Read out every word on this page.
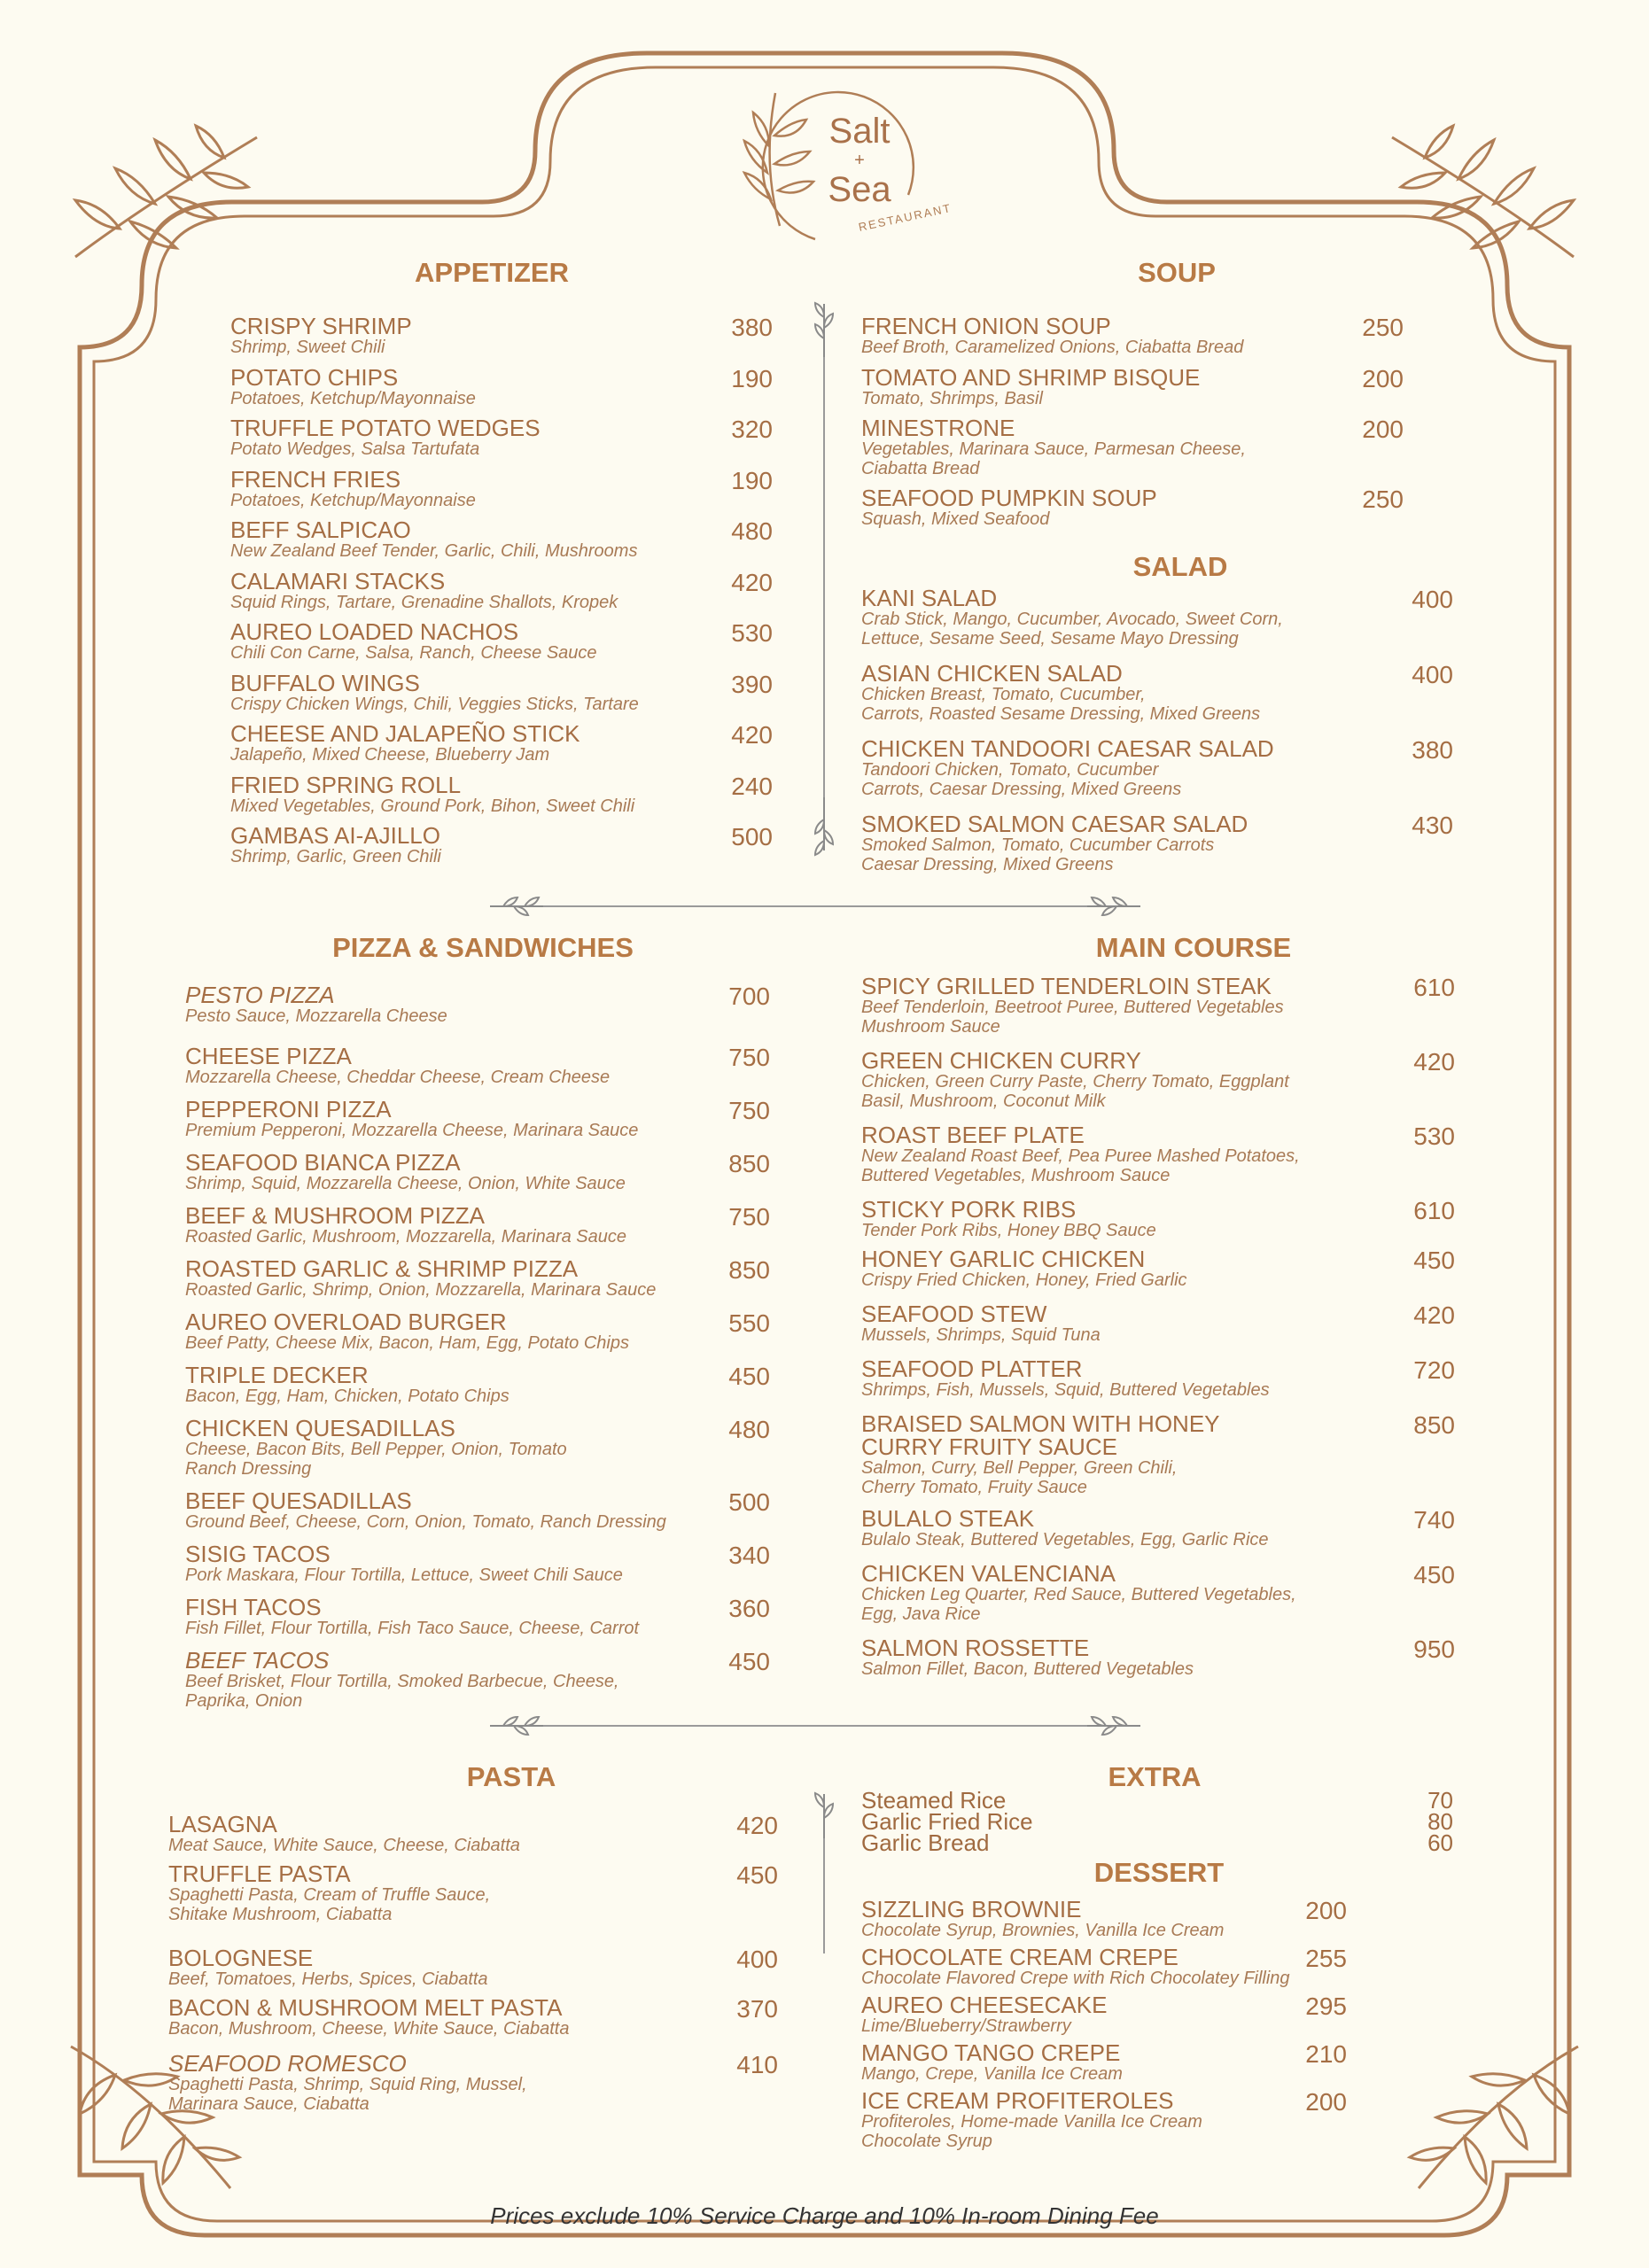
RESTAURANT
Salt
+
Sea
APPETIZER	SOUP
SALAD
PIZZA & SANDWICHES	MAIN COURSE
PASTA	EXTRA
DESSERT
CRISPY SHRIMP
Shrimp, Sweet Chili
380
POTATO CHIPS
Potatoes, Ketchup/Mayonnaise
190
TRUFFLE POTATO WEDGES
Potato Wedges, Salsa Tartufata
320
FRENCH FRIES
Potatoes, Ketchup/Mayonnaise
190
BEFF SALPICAO
New Zealand Beef Tender, Garlic, Chili, Mushrooms
480
CALAMARI STACKS
Squid Rings, Tartare, Grenadine Shallots, Kropek
420
AUREO LOADED NACHOS
Chili Con Carne, Salsa, Ranch, Cheese Sauce
530
BUFFALO WINGS
Crispy Chicken Wings, Chili, Veggies Sticks, Tartare
390
CHEESE AND JALAPEÑO STICK
Jalapeño, Mixed Cheese, Blueberry Jam
420
FRIED SPRING ROLL
Mixed Vegetables, Ground Pork, Bihon, Sweet Chili
240
GAMBAS AI-AJILLO
Shrimp, Garlic, Green Chili
500
FRENCH ONION SOUP
Beef Broth, Caramelized Onions, Ciabatta Bread
250
TOMATO AND SHRIMP BISQUE
Tomato, Shrimps, Basil
200
MINESTRONE
Vegetables, Marinara Sauce, Parmesan Cheese,
Ciabatta Bread
200
SEAFOOD PUMPKIN SOUP
Squash, Mixed Seafood
250
KANI SALAD
Crab Stick, Mango, Cucumber, Avocado, Sweet Corn,
Lettuce, Sesame Seed, Sesame Mayo Dressing
400
ASIAN CHICKEN SALAD
Chicken Breast, Tomato, Cucumber,
Carrots, Roasted Sesame Dressing, Mixed Greens
400
CHICKEN TANDOORI CAESAR SALAD
Tandoori Chicken, Tomato, Cucumber
Carrots, Caesar Dressing, Mixed Greens
380
SMOKED SALMON CAESAR SALAD
Smoked Salmon, Tomato, Cucumber Carrots
Caesar Dressing, Mixed Greens
430
PESTO PIZZA
Pesto Sauce, Mozzarella Cheese
700
CHEESE PIZZA
Mozzarella Cheese, Cheddar Cheese, Cream Cheese
750
PEPPERONI PIZZA
Premium Pepperoni, Mozzarella Cheese, Marinara Sauce
750
SEAFOOD BIANCA PIZZA
Shrimp, Squid, Mozzarella Cheese, Onion, White Sauce
850
BEEF & MUSHROOM PIZZA
Roasted Garlic, Mushroom, Mozzarella, Marinara Sauce
750
ROASTED GARLIC & SHRIMP PIZZA
Roasted Garlic, Shrimp, Onion, Mozzarella, Marinara Sauce
850
AUREO OVERLOAD BURGER
Beef Patty, Cheese Mix, Bacon, Ham, Egg, Potato Chips
550
TRIPLE DECKER
Bacon, Egg, Ham, Chicken, Potato Chips
450
CHICKEN QUESADILLAS
Cheese, Bacon Bits, Bell Pepper, Onion, Tomato
Ranch Dressing
480
BEEF QUESADILLAS
Ground Beef, Cheese, Corn, Onion, Tomato, Ranch Dressing
500
SISIG TACOS
Pork Maskara, Flour Tortilla, Lettuce, Sweet Chili Sauce
340
FISH TACOS
Fish Fillet, Flour Tortilla, Fish Taco Sauce, Cheese, Carrot
360
BEEF TACOS
Beef Brisket, Flour Tortilla, Smoked Barbecue, Cheese,
Paprika, Onion
450
SPICY GRILLED TENDERLOIN STEAK
Beef Tenderloin, Beetroot Puree, Buttered Vegetables
Mushroom Sauce
610
GREEN CHICKEN CURRY
Chicken, Green Curry Paste, Cherry Tomato, Eggplant
Basil, Mushroom, Coconut Milk
420
ROAST BEEF PLATE
New Zealand Roast Beef, Pea Puree Mashed Potatoes,
Buttered Vegetables, Mushroom Sauce
530
STICKY PORK RIBS
Tender Pork Ribs, Honey BBQ Sauce
610
HONEY GARLIC CHICKEN
Crispy Fried Chicken, Honey, Fried Garlic
450
SEAFOOD STEW
Mussels, Shrimps, Squid Tuna
420
SEAFOOD PLATTER
Shrimps, Fish, Mussels, Squid, Buttered Vegetables
720
BRAISED SALMON WITH HONEY
CURRY FRUITY SAUCE
Salmon, Curry, Bell Pepper, Green Chili,
Cherry Tomato, Fruity Sauce
850
BULALO STEAK
Bulalo Steak, Buttered Vegetables, Egg, Garlic Rice
740
CHICKEN VALENCIANA
Chicken Leg Quarter, Red Sauce, Buttered Vegetables,
Egg, Java Rice
450
SALMON ROSSETTE
Salmon Fillet, Bacon, Buttered Vegetables
950
LASAGNA
Meat Sauce, White Sauce, Cheese, Ciabatta
420
TRUFFLE PASTA
Spaghetti Pasta, Cream of Truffle Sauce,
Shitake Mushroom, Ciabatta
450
BOLOGNESE
Beef, Tomatoes, Herbs, Spices, Ciabatta
400
BACON & MUSHROOM MELT PASTA
Bacon, Mushroom, Cheese, White Sauce, Ciabatta
370
SEAFOOD ROMESCO
Spaghetti Pasta, Shrimp, Squid Ring, Mussel,
Marinara Sauce, Ciabatta
410
SIZZLING BROWNIE
Chocolate Syrup, Brownies, Vanilla Ice Cream
200
CHOCOLATE CREAM CREPE
Chocolate Flavored Crepe with Rich Chocolatey Filling
255
AUREO CHEESECAKE
Lime/Blueberry/Strawberry
295
MANGO TANGO CREPE
Mango, Crepe, Vanilla Ice Cream
210
ICE CREAM PROFITEROLES
Profiteroles, Home-made Vanilla Ice Cream
Chocolate Syrup
200
Steamed Rice	70
Garlic Fried Rice	80
Garlic Bread	60
Prices exclude 10% Service Charge and 10% In-room Dining Fee
